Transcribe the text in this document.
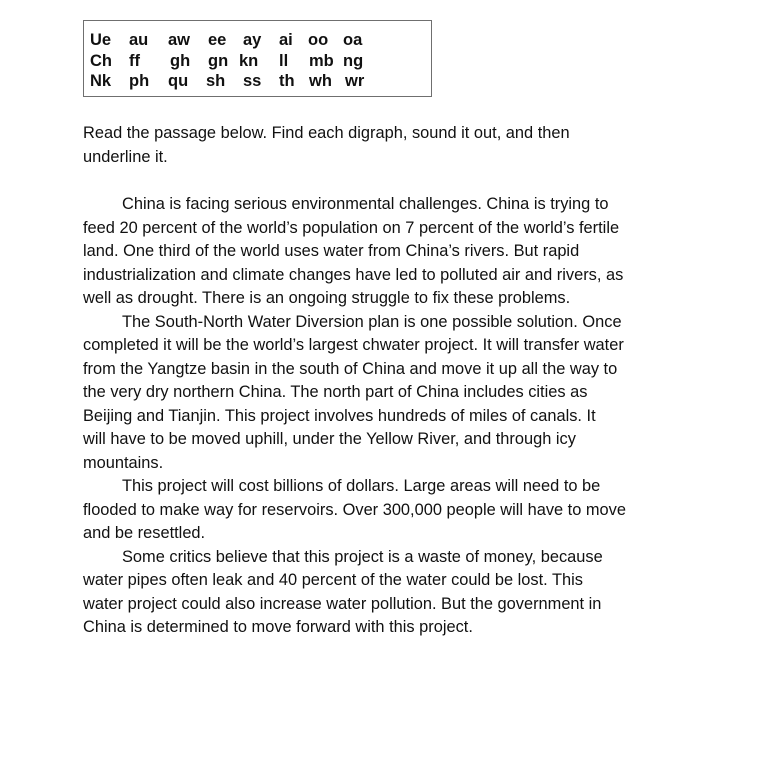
Ue au aw ee ay ai oo oa
Ch ff gh gn kn ll mb ng
Nk ph qu sh ss th wh wr
Read the passage below. Find each digraph, sound it out, and then
underline it.
China is facing serious environmental challenges. China is trying to
feed 20 percent of the world’s population on 7 percent of the world’s fertile
land. One third of the world uses water from China’s rivers. But rapid
industrialization and climate changes have led to polluted air and rivers, as
well as drought. There is an ongoing struggle to fix these problems.
The South-North Water Diversion plan is one possible solution. Once
completed it will be the world’s largest chwater project. It will transfer water
from the Yangtze basin in the south of China and move it up all the way to
the very dry northern China. The north part of China includes cities as
Beijing and Tianjin. This project involves hundreds of miles of canals. It
will have to be moved uphill, under the Yellow River, and through icy
mountains.
This project will cost billions of dollars. Large areas will need to be
flooded to make way for reservoirs. Over 300,000 people will have to move
and be resettled.
Some critics believe that this project is a waste of money, because
water pipes often leak and 40 percent of the water could be lost. This
water project could also increase water pollution. But the government in
China is determined to move forward with this project.
